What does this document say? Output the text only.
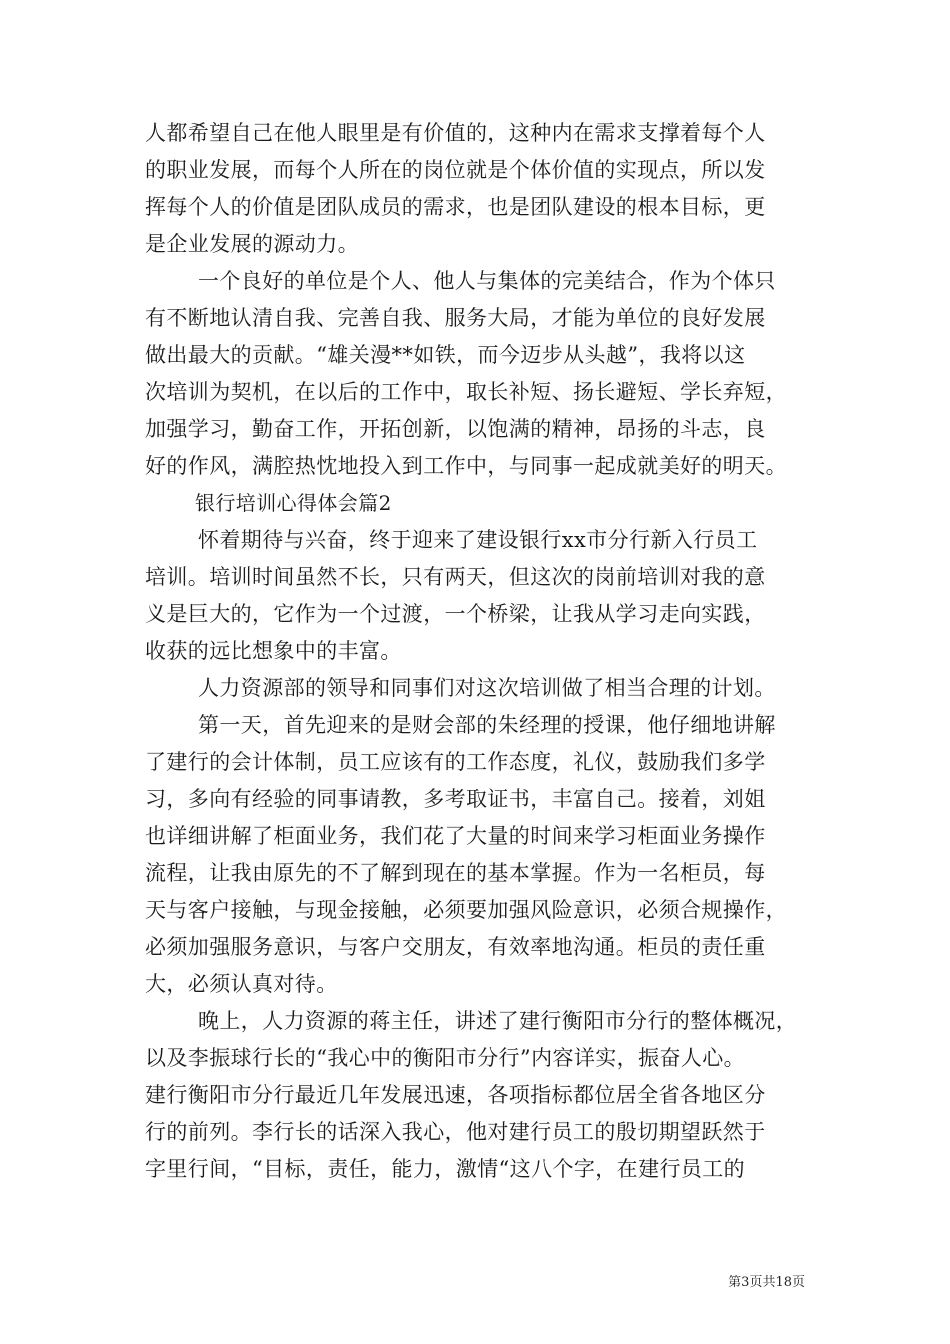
人都希望自己在他人眼里是有价值的，这种内在需求支撑着每个人
的职业发展，而每个人所在的岗位就是个体价值的实现点，所以发
挥每个人的价值是团队成员的需求，也是团队建设的根本目标，更
是企业发展的源动力。
一个良好的单位是个人、他人与集体的完美结合，作为个体只
有不断地认清自我、完善自我、服务大局，才能为单位的良好发展
做出最大的贡献。“雄关漫**如铁，而今迈步从头越”，我将以这
次培训为契机，在以后的工作中，取长补短、扬长避短、学长弃短，
加强学习，勤奋工作，开拓创新，以饱满的精神，昂扬的斗志，良
好的作风，满腔热忱地投入到工作中，与同事一起成就美好的明天。
银行培训心得体会篇2
怀着期待与兴奋，终于迎来了建设银行xx市分行新入行员工
培训。培训时间虽然不长，只有两天，但这次的岗前培训对我的意
义是巨大的，它作为一个过渡，一个桥梁，让我从学习走向实践，
收获的远比想象中的丰富。
人力资源部的领导和同事们对这次培训做了相当合理的计划。
第一天，首先迎来的是财会部的朱经理的授课，他仔细地讲解
了建行的会计体制，员工应该有的工作态度，礼仪，鼓励我们多学
习，多向有经验的同事请教，多考取证书，丰富自己。接着，刘姐
也详细讲解了柜面业务，我们花了大量的时间来学习柜面业务操作
流程，让我由原先的不了解到现在的基本掌握。作为一名柜员，每
天与客户接触，与现金接触，必须要加强风险意识，必须合规操作，
必须加强服务意识，与客户交朋友，有效率地沟通。柜员的责任重
大，必须认真对待。
晚上，人力资源的蒋主任，讲述了建行衡阳市分行的整体概况，
以及李振球行长的“我心中的衡阳市分行”内容详实，振奋人心。
建行衡阳市分行最近几年发展迅速，各项指标都位居全省各地区分
行的前列。李行长的话深入我心，他对建行员工的殷切期望跃然于
字里行间，“目标，责任，能力，激情“这八个字，在建行员工的
第3页共18页
